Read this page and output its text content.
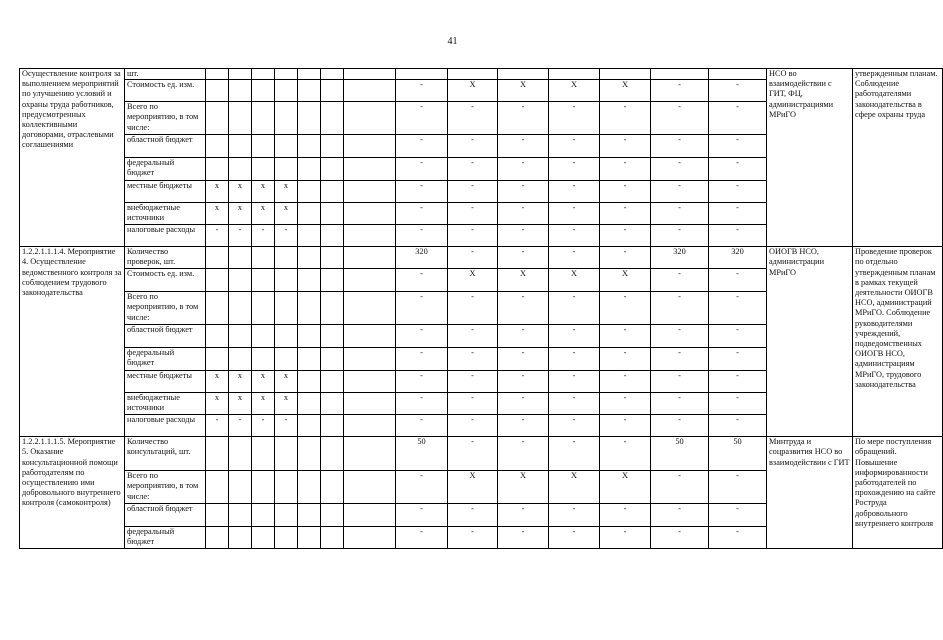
41
Осуществление контроля за выполнением мероприятий по улучшению условий и охраны труда работников, предусмотренных коллективными договорами, отраслевыми соглашениями	шт.															НСО во взаимодействии с ГИТ, ФЦ, администрациями МРиГО	утвержденным планам. Соблюдение работодателями законодательства в сфере охраны труда
	Стоимость ед. изм.								-	X	X	X	X	-	-		
	Всего по мероприятию, в том числе:								-	-	-	-	-	-	-		
	областной бюджет								-	-	-	-	-	-	-		
	федеральный бюджет								-	-	-	-	-	-	-		
	местные бюджеты	x	x	x	x				-	-	-	-	-	-	-		
	внебюджетные источники	x	x	x	x				-	-	-	-	-	-	-		
	налоговые расходы	-	-	-	-				-	-	-	-	-	-	-		
1.2.2.1.1.1.4. Мероприятие 4. Осуществление ведомственного контроля за соблюдением трудового законодательства	Количество проверок, шт.								320	-	-	-	-	320	320	ОИОГВ НСО, администрации МРиГО	Проведение проверок по отдельно утвержденным планам в рамках текущей деятельности ОИОГВ НСО, администраций МРиГО. Соблюдение руководителями учреждений, подведомственных ОИОГВ НСО, администрациям МРиГО, трудового законодательства
	Стоимость ед. изм.								-	X	X	X	X	-	-		
	Всего по мероприятию, в том числе:								-	-	-	-	-	-	-		
	областной бюджет								-	-	-	-	-	-	-		
	федеральный бюджет								-	-	-	-	-	-	-		
	местные бюджеты	x	x	x	x				-	-	-	-	-	-	-		
	внебюджетные источники	x	x	x	x				-	-	-	-	-	-	-		
	налоговые расходы	-	-	-	-				-	-	-	-	-	-	-		
1.2.2.1.1.1.5. Мероприятие 5. Оказание консультационной помощи работодателям по осуществлению ими добровольного внутреннего контроля (самоконтроля)	Количество консультаций, шт.								50	-	-	-	-	50	50	Минтруда и соцразвития НСО во взаимодействии с ГИТ	По мере поступления обращений. Повышение информированности работодателей по прохождению на сайте Роструда добровольного внутреннего контроля
	Всего по мероприятию, в том числе:								-	X	X	X	X	-	-		
	областной бюджет								-	-	-	-	-	-	-		
	федеральный бюджет								-	-	-	-	-	-	-		
